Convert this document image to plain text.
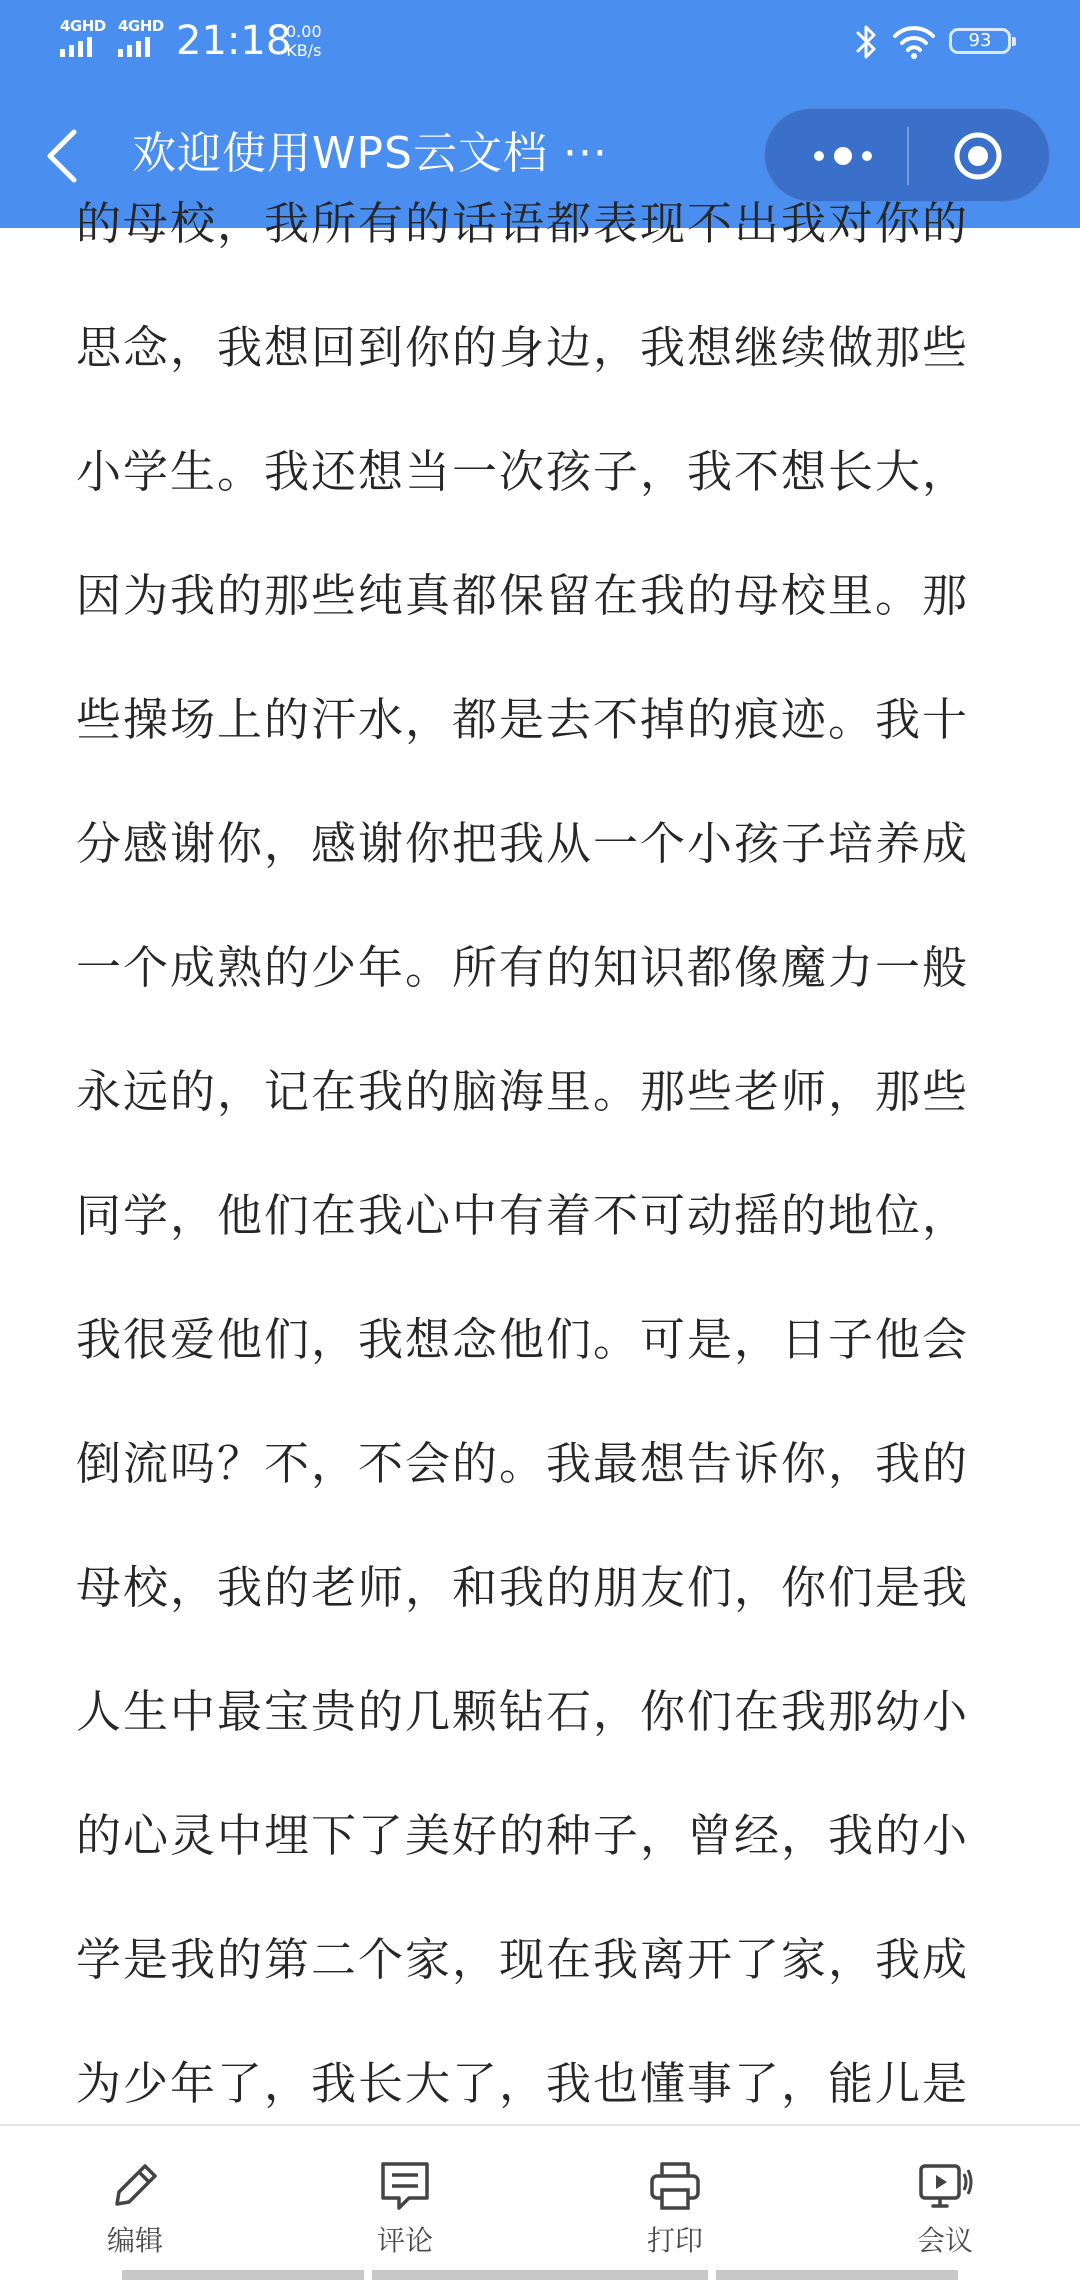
4GHD 4GHD 21:18
0.00
KB/s	93
欢迎使用WPS云文档 ···
的母校，我所有的话语都表现不出我对你的
思念，我想回到你的身边，我想继续做那些
小学生。我还想当一次孩子，我不想长大，
因为我的那些纯真都保留在我的母校里。那
些操场上的汗水，都是去不掉的痕迹。我十
分感谢你，感谢你把我从一个小孩子培养成
一个成熟的少年。所有的知识都像魔力一般
永远的，记在我的脑海里。那些老师，那些
同学，他们在我心中有着不可动摇的地位，
我很爱他们，我想念他们。可是，日子他会
倒流吗？不，不会的。我最想告诉你，我的
母校，我的老师，和我的朋友们，你们是我
人生中最宝贵的几颗钻石，你们在我那幼小
的心灵中埋下了美好的种子，曾经，我的小
学是我的第二个家，现在我离开了家，我成
为少年了，我长大了，我也懂事了，能儿是
编辑	评论	打印	会议
